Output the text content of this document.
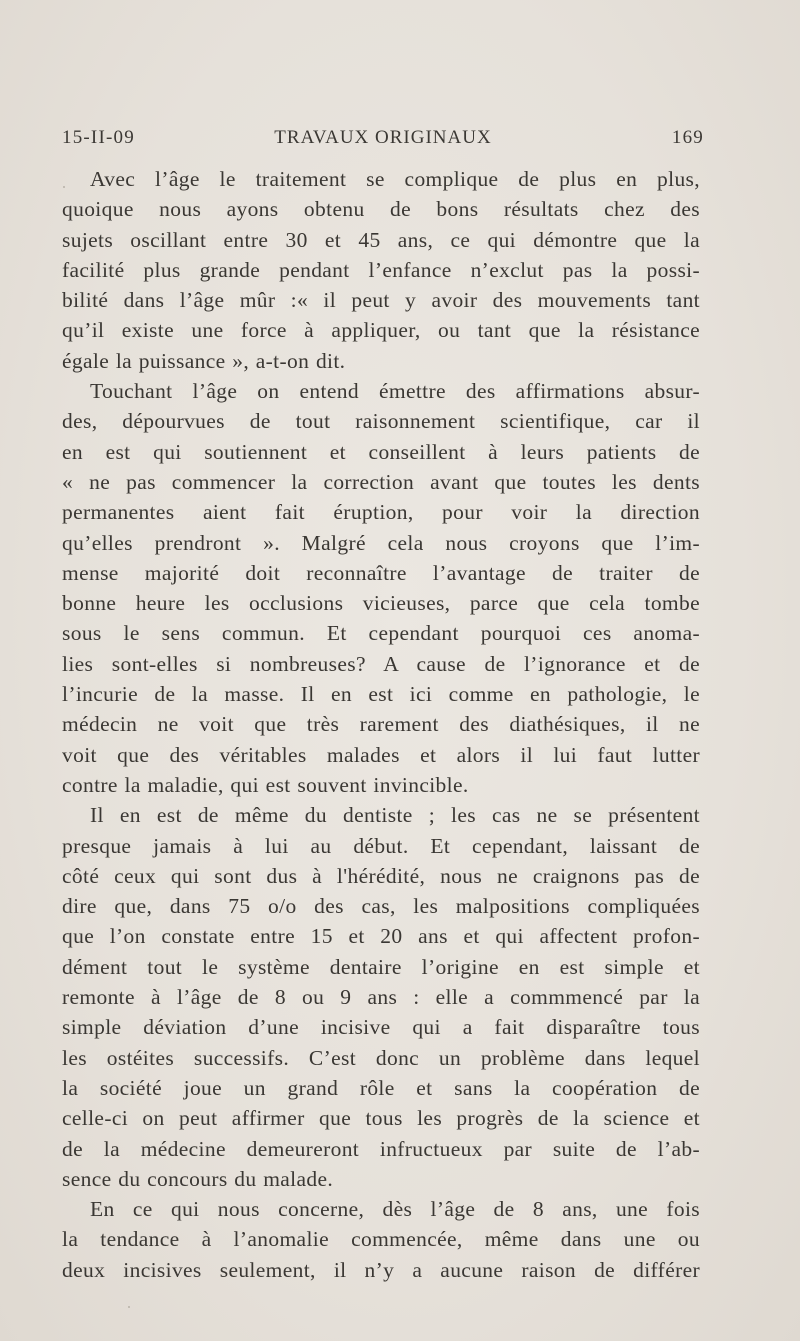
15-II-09	TRAVAUX ORIGINAUX	169
Avec l’âge le traitement se complique de plus en plus,
quoique nous ayons obtenu de bons résultats chez des
sujets oscillant entre 30 et 45 ans, ce qui démontre que la
facilité plus grande pendant l’enfance n’exclut pas la possi-
bilité dans l’âge mûr :« il peut y avoir des mouvements tant
qu’il existe une force à appliquer, ou tant que la résistance
égale la puissance », a-t-on dit.
Touchant l’âge on entend émettre des affirmations absur-
des, dépourvues de tout raisonnement scientifique, car il
en est qui soutiennent et conseillent à leurs patients de
« ne pas commencer la correction avant que toutes les dents
permanentes aient fait éruption, pour voir la direction
qu’elles prendront ». Malgré cela nous croyons que l’im-
mense majorité doit reconnaître l’avantage de traiter de
bonne heure les occlusions vicieuses, parce que cela tombe
sous le sens commun. Et cependant pourquoi ces anoma-
lies sont-elles si nombreuses? A cause de l’ignorance et de
l’incurie de la masse. Il en est ici comme en pathologie, le
médecin ne voit que très rarement des diathésiques, il ne
voit que des véritables malades et alors il lui faut lutter
contre la maladie, qui est souvent invincible.
Il en est de même du dentiste ; les cas ne se présentent
presque jamais à lui au début. Et cependant, laissant de
côté ceux qui sont dus à l'hérédité, nous ne craignons pas de
dire que, dans 75 o/o des cas, les malpositions compliquées
que l’on constate entre 15 et 20 ans et qui affectent profon-
dément tout le système dentaire l’origine en est simple et
remonte à l’âge de 8 ou 9 ans : elle a commmencé par la
simple déviation d’une incisive qui a fait disparaître tous
les ostéites successifs. C’est donc un problème dans lequel
la société joue un grand rôle et sans la coopération de
celle-ci on peut affirmer que tous les progrès de la science et
de la médecine demeureront infructueux par suite de l’ab-
sence du concours du malade.
En ce qui nous concerne, dès l’âge de 8 ans, une fois
la tendance à l’anomalie commencée, même dans une ou
deux incisives seulement, il n’y a aucune raison de différer
